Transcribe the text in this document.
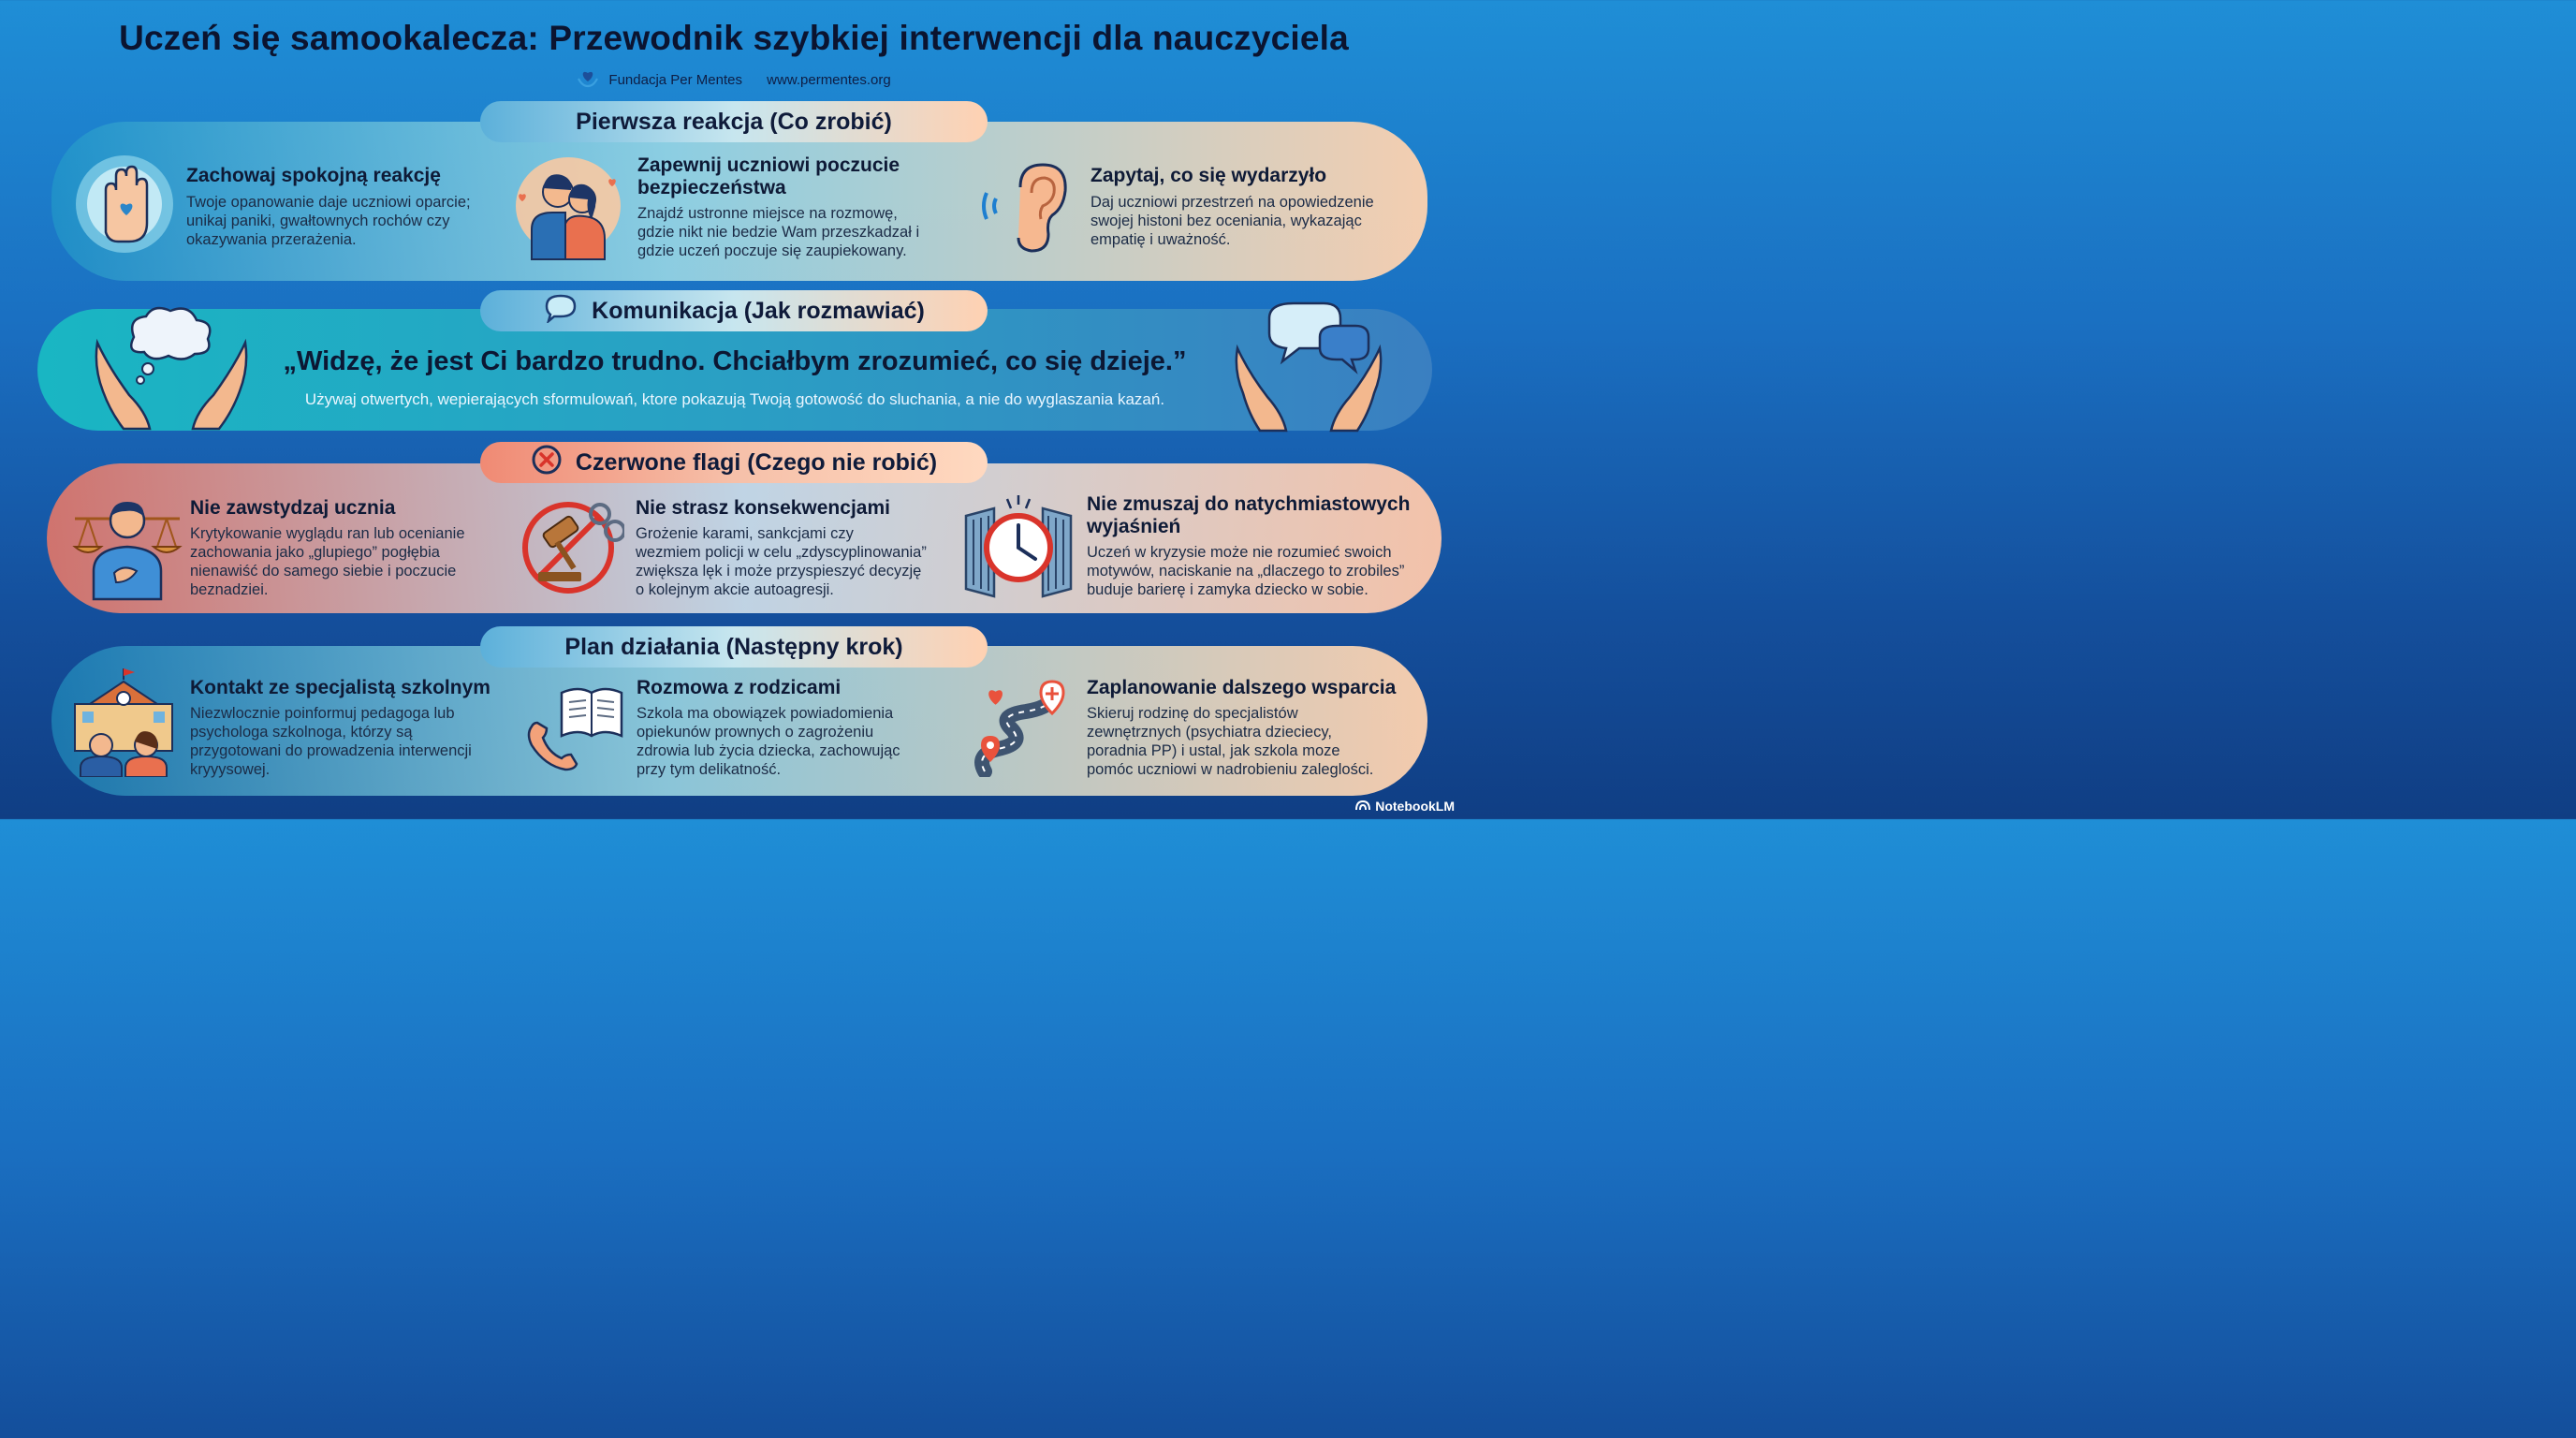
Uczeń się samookalecza: Przewodnik szybkiej interwencji dla nauczyciela
Fundacja Per Mentes www.permentes.org
Pierwsza reakcja (Co zrobić)
Zachowaj spokojną reakcję
Twoje opanowanie daje uczniowi oparcie;
unikaj paniki, gwałtownych rochów czy
okazywania przerażenia.
Zapewnij uczniowi poczucie
bezpieczeństwa
Znajdź ustronne miejsce na rozmowę,
gdzie nikt nie bedzie Wam przeszkadzał i
gdzie uczeń poczuje się zaupiekowany.
Zapytaj, co się wydarzyło
Daj uczniowi przestrzeń na opowiedzenie
swojej histoni bez oceniania, wykazając
empatię i uważność.
Komunikacja (Jak rozmawiać)
„Widzę, że jest Ci bardzo trudno. Chciałbym zrozumieć, co się dzieje.”
Używaj otwertych, wepierających sformulowań, ktore pokazują Twoją gotowość do sluchania, a nie do wyglaszania kazań.
Czerwone flagi (Czego nie robić)
Nie zawstydzaj ucznia
Krytykowanie wyglądu ran lub ocenianie
zachowania jako „glupiego” pogłębia
nienawiść do samego siebie i poczucie
beznadziei.
Nie strasz konsekwencjami
Grożenie karami, sankcjami czy
wezmiem policji w celu „zdyscyplinowania”
zwiększa lęk i może przyspieszyć decyzję
o kolejnym akcie autoagresji.
Nie zmuszaj do natychmiastowych
wyjaśnień
Uczeń w kryzysie może nie rozumieć swoich
motywów, naciskanie na „dlaczego to zrobiles”
buduje barierę i zamyka dziecko w sobie.
Plan działania (Następny krok)
Kontakt ze specjalistą szkolnym
Niezwlocznie poinformuj pedagoga lub
psychologa szkolnoga, którzy są
przygotowani do prowadzenia interwencji
kryyysowej.
Rozmowa z rodzicami
Szkola ma obowiązek powiadomienia
opiekunów prownych o zagrożeniu
zdrowia lub życia dziecka, zachowując
przy tym delikatność.
Zaplanowanie dalszego wsparcia
Skieruj rodzinę do specjalistów
zewnętrznych (psychiatra dzieciecy,
poradnia PP) i ustal, jak szkola moze
pomóc uczniowi w nadrobieniu zaleglości.
NotebookLM
